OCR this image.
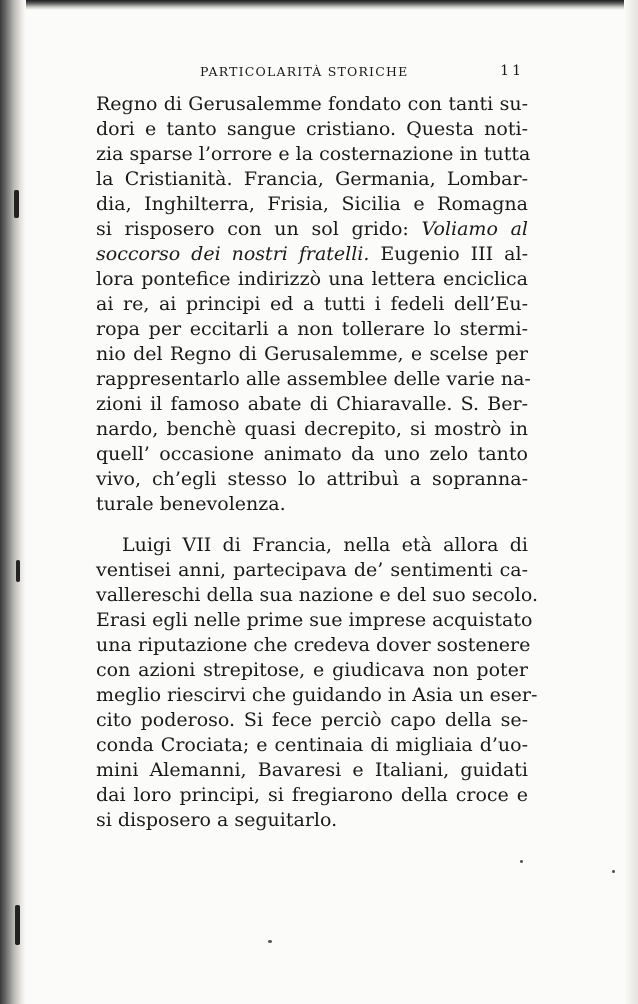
PARTICOLARITÀ STORICHE	11
Regno di Gerusalemme fondato con tanti su-
dori e tanto sangue cristiano. Questa noti-
zia sparse l’orrore e la costernazione in tutta
la Cristianità. Francia, Germania, Lombar-
dia, Inghilterra, Frisia, Sicilia e Romagna
si risposero con un sol grido: Voliamo al
soccorso dei nostri fratelli. Eugenio III al-
lora pontefice indirizzò una lettera enciclica
ai re, ai principi ed a tutti i fedeli dell’Eu-
ropa per eccitarli a non tollerare lo stermi-
nio del Regno di Gerusalemme, e scelse per
rappresentarlo alle assemblee delle varie na-
zioni il famoso abate di Chiaravalle. S. Ber-
nardo, benchè quasi decrepito, si mostrò in
quell’ occasione animato da uno zelo tanto
vivo, ch’egli stesso lo attribuì a sopranna-
turale benevolenza.
Luigi VII di Francia, nella età allora di
ventisei anni, partecipava de’ sentimenti ca-
vallereschi della sua nazione e del suo secolo.
Erasi egli nelle prime sue imprese acquistato
una riputazione che credeva dover sostenere
con azioni strepitose, e giudicava non poter
meglio riescirvi che guidando in Asia un eser-
cito poderoso. Si fece perciò capo della se-
conda Crociata; e centinaia di migliaia d’uo-
mini Alemanni, Bavaresi e Italiani, guidati
dai loro principi, si fregiarono della croce e
si disposero a seguitarlo.
